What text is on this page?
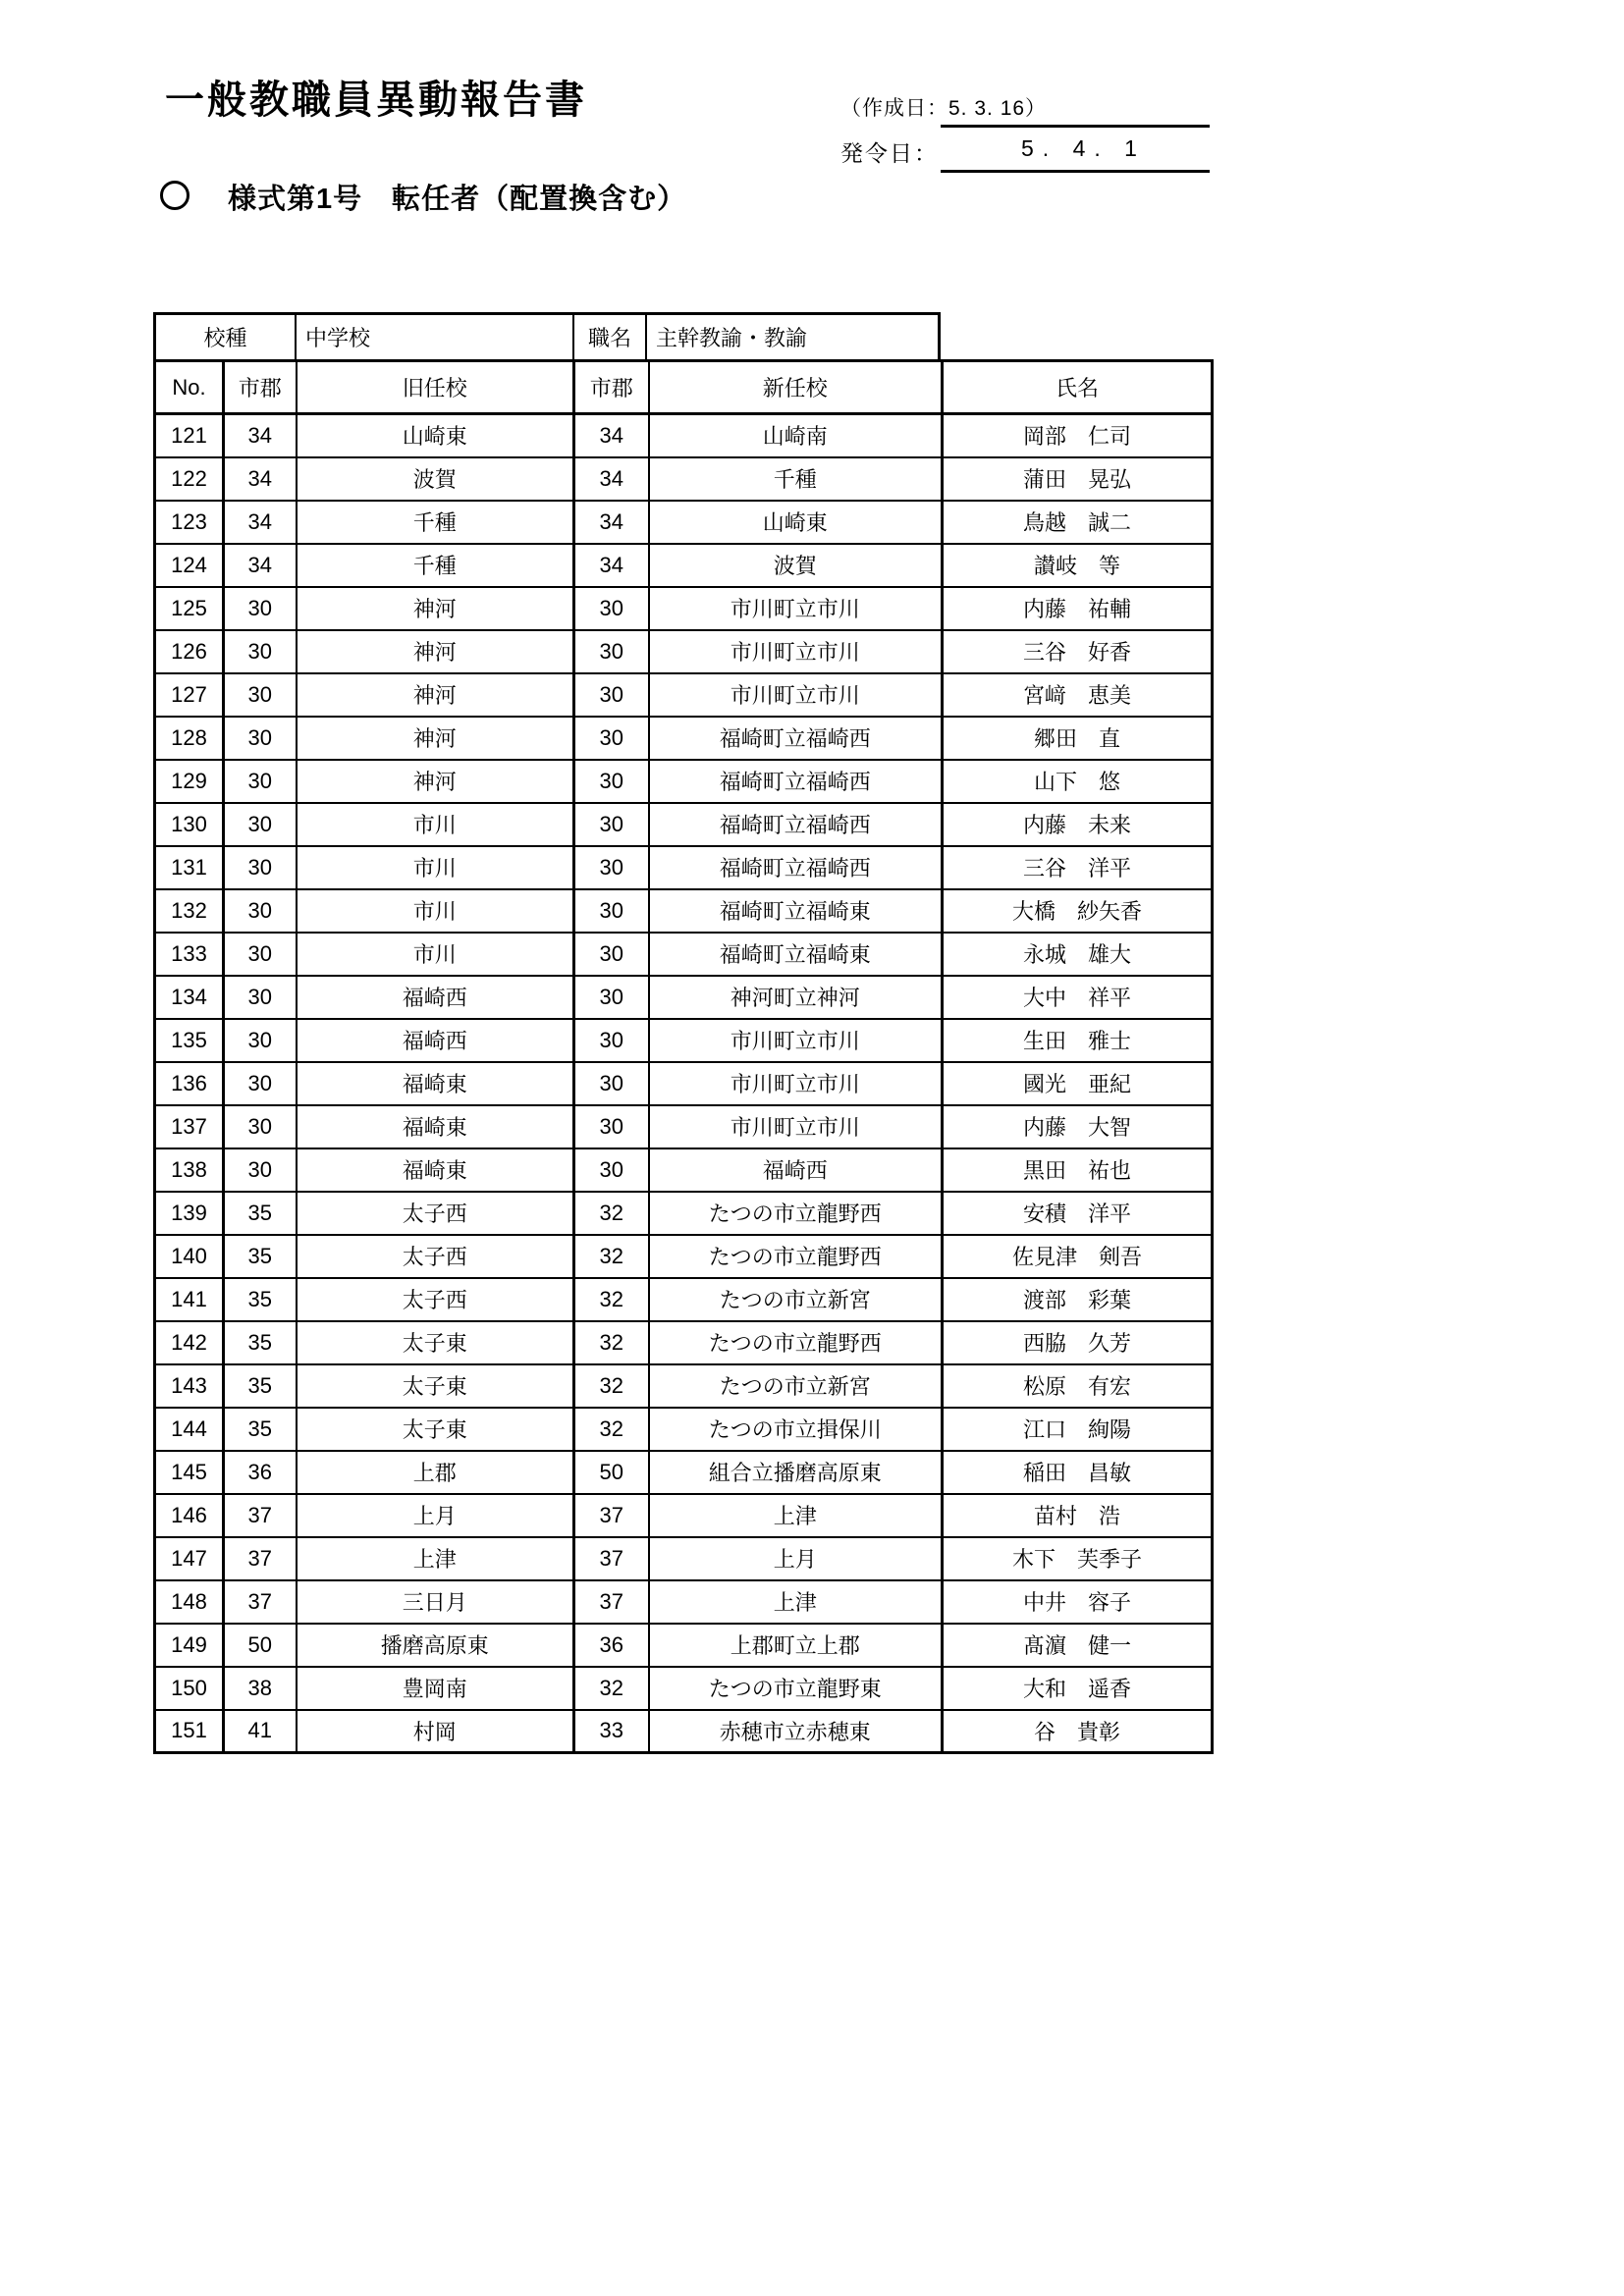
一般教職員異動報告書	（作成日：5. 3. 16）
発令日：	5. 4. 1
様式第1号　転任者（配置換含む）
校種	中学校	職名	主幹教諭・教諭
No.	市郡	旧任校	市郡	新任校	氏名
121	34	山崎東	34	山崎南	岡部　仁司
122	34	波賀	34	千種	蒲田　晃弘
123	34	千種	34	山崎東	鳥越　誠二
124	34	千種	34	波賀	讃岐　等
125	30	神河	30	市川町立市川	内藤　祐輔
126	30	神河	30	市川町立市川	三谷　好香
127	30	神河	30	市川町立市川	宮﨑　恵美
128	30	神河	30	福崎町立福崎西	郷田　直
129	30	神河	30	福崎町立福崎西	山下　悠
130	30	市川	30	福崎町立福崎西	内藤　未来
131	30	市川	30	福崎町立福崎西	三谷　洋平
132	30	市川	30	福崎町立福崎東	大橋　紗矢香
133	30	市川	30	福崎町立福崎東	永城　雄大
134	30	福崎西	30	神河町立神河	大中　祥平
135	30	福崎西	30	市川町立市川	生田　雅士
136	30	福崎東	30	市川町立市川	國光　亜紀
137	30	福崎東	30	市川町立市川	内藤　大智
138	30	福崎東	30	福崎西	黒田　祐也
139	35	太子西	32	たつの市立龍野西	安積　洋平
140	35	太子西	32	たつの市立龍野西	佐見津　剣吾
141	35	太子西	32	たつの市立新宮	渡部　彩葉
142	35	太子東	32	たつの市立龍野西	西脇　久芳
143	35	太子東	32	たつの市立新宮	松原　有宏
144	35	太子東	32	たつの市立揖保川	江口　絢陽
145	36	上郡	50	組合立播磨高原東	稲田　昌敏
146	37	上月	37	上津	苗村　浩
147	37	上津	37	上月	木下　芙季子
148	37	三日月	37	上津	中井　容子
149	50	播磨高原東	36	上郡町立上郡	髙濵　健一
150	38	豊岡南	32	たつの市立龍野東	大和　遥香
151	41	村岡	33	赤穂市立赤穂東	谷　貴彰
